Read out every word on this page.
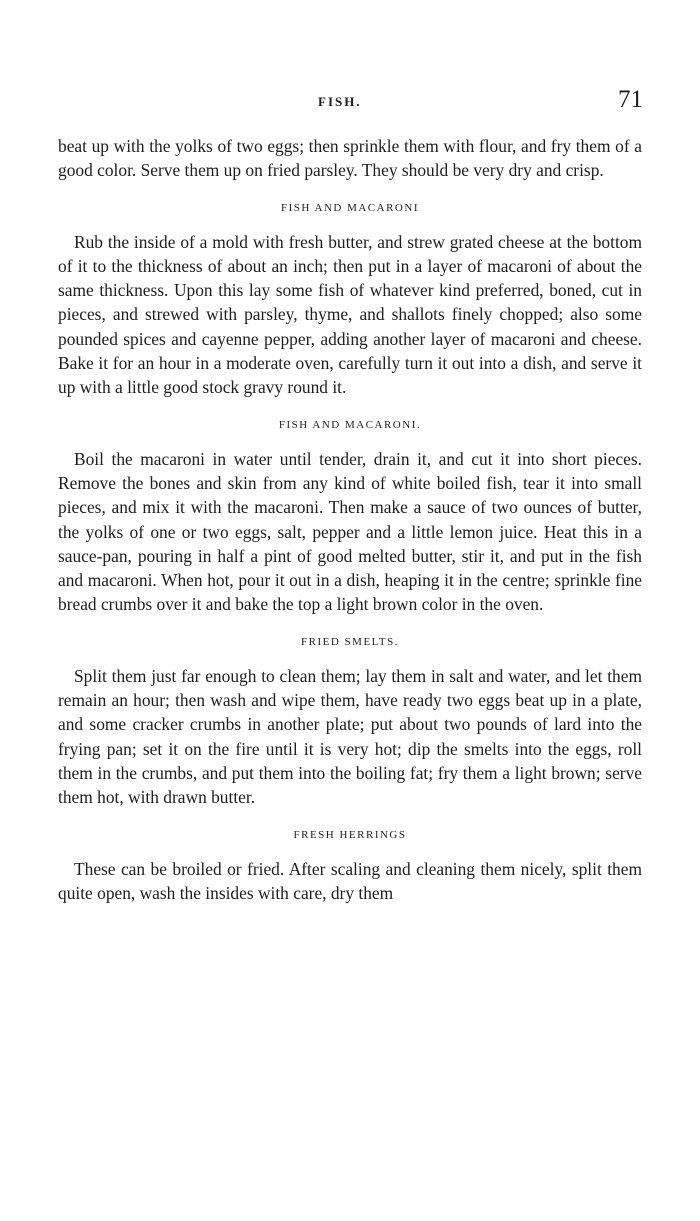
FISH.	71

beat up with the yolks of two eggs; then sprinkle them with flour, and fry them of a good color. Serve them up on fried parsley. They should be very dry and crisp.

FISH AND MACARONI

Rub the inside of a mold with fresh butter, and strew grated cheese at the bottom of it to the thickness of about an inch; then put in a layer of macaroni of about the same thickness. Upon this lay some fish of whatever kind preferred, boned, cut in pieces, and strewed with parsley, thyme, and shallots finely chopped; also some pounded spices and cayenne pepper, adding another layer of macaroni and cheese. Bake it for an hour in a moderate oven, carefully turn it out into a dish, and serve it up with a little good stock gravy round it.

FISH AND MACARONI.

Boil the macaroni in water until tender, drain it, and cut it into short pieces. Remove the bones and skin from any kind of white boiled fish, tear it into small pieces, and mix it with the macaroni. Then make a sauce of two ounces of butter, the yolks of one or two eggs, salt, pepper and a little lemon juice. Heat this in a sauce-pan, pouring in half a pint of good melted butter, stir it, and put in the fish and macaroni. When hot, pour it out in a dish, heaping it in the centre; sprinkle fine bread crumbs over it and bake the top a light brown color in the oven.

FRIED SMELTS.

Split them just far enough to clean them; lay them in salt and water, and let them remain an hour; then wash and wipe them, have ready two eggs beat up in a plate, and some cracker crumbs in another plate; put about two pounds of lard into the frying pan; set it on the fire until it is very hot; dip the smelts into the eggs, roll them in the crumbs, and put them into the boiling fat; fry them a light brown; serve them hot, with drawn butter.

FRESH HERRINGS

These can be broiled or fried. After scaling and cleaning them nicely, split them quite open, wash the insides with care, dry them
